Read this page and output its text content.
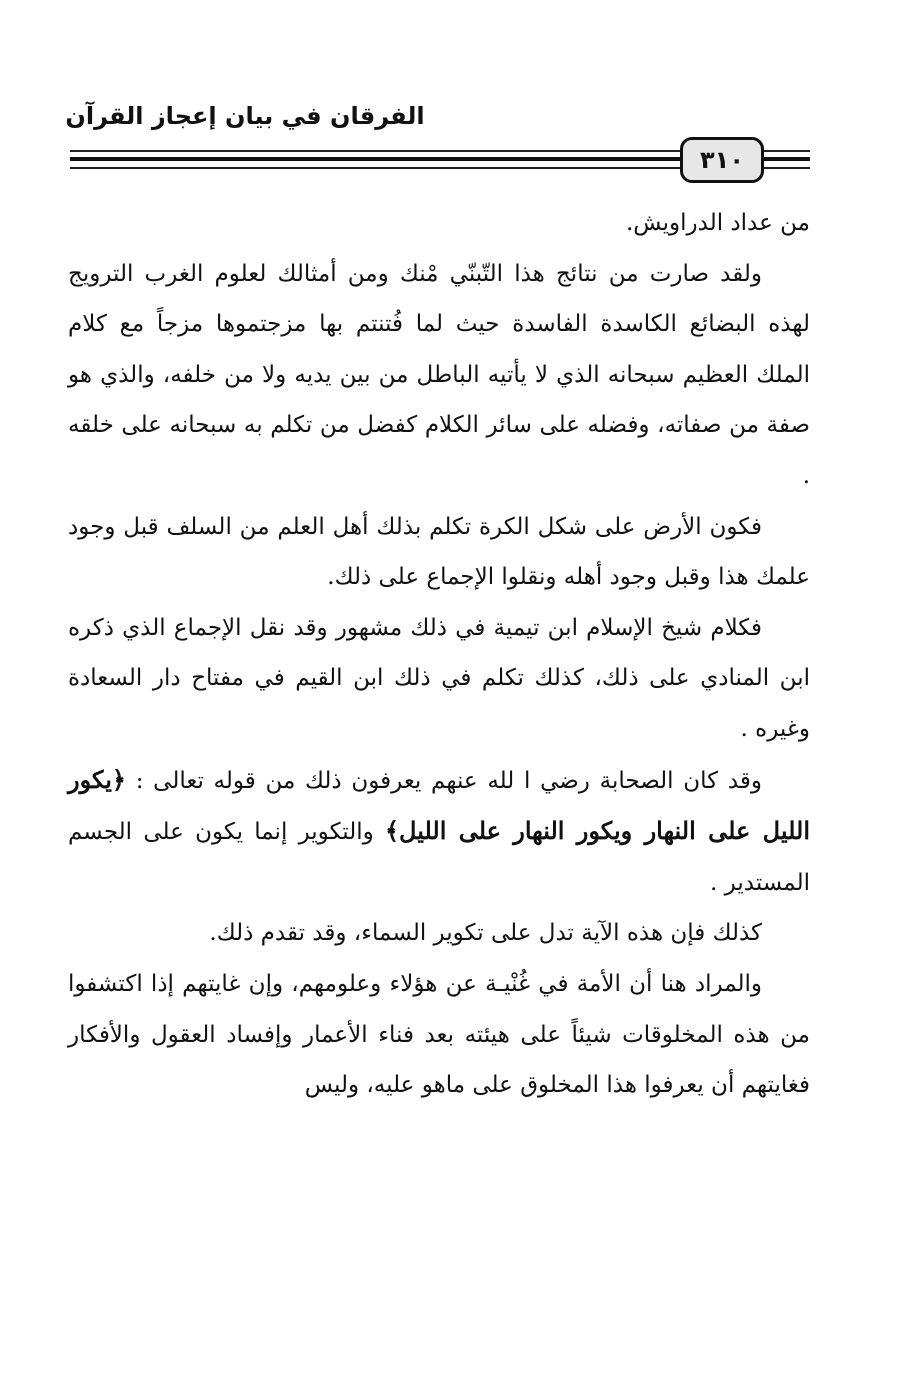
الفرقان في بيان إعجاز القرآن
٣١٠

من عداد الدراويش.

ولقد صارت من نتائج هذا التّبنّي مْنك ومن أمثالك لعلوم الغرب الترويج لهذه البضائع الكاسدة الفاسدة حيث لما فُتنتم بها مزجتموها مزجاً مع كلام الملك العظيم سبحانه الذي لا يأتيه الباطل من بين يديه ولا من خلفه، والذي هو صفة من صفاته، وفضله على سائر الكلام كفضل من تكلم به سبحانه على خلقه .

فكون الأرض على شكل الكرة تكلم بذلك أهل العلم من السلف قبل وجود علمك هذا وقبل وجود أهله ونقلوا الإجماع على ذلك.

فكلام شيخ الإسلام ابن تيمية في ذلك مشهور وقد نقل الإجماع الذي ذكره ابن المنادي على ذلك، كذلك تكلم في ذلك ابن القيم في مفتاح دار السعادة وغيره .

وقد كان الصحابة رضي ا لله عنهم يعرفون ذلك من قوله تعالى : ﴿يكور الليل على النهار ويكور النهار على الليل﴾ والتكوير إنما يكون على الجسم المستدير .

كذلك فإن هذه الآية تدل على تكوير السماء، وقد تقدم ذلك.

والمراد هنا أن الأمة في غُنْيـة عن هؤلاء وعلومهم، وإن غايتهم إذا اكتشفوا من هذه المخلوقات شيئاً على هيئته بعد فناء الأعمار وإفساد العقول والأفكار فغايتهم أن يعرفوا هذا المخلوق على ماهو عليه، وليس
